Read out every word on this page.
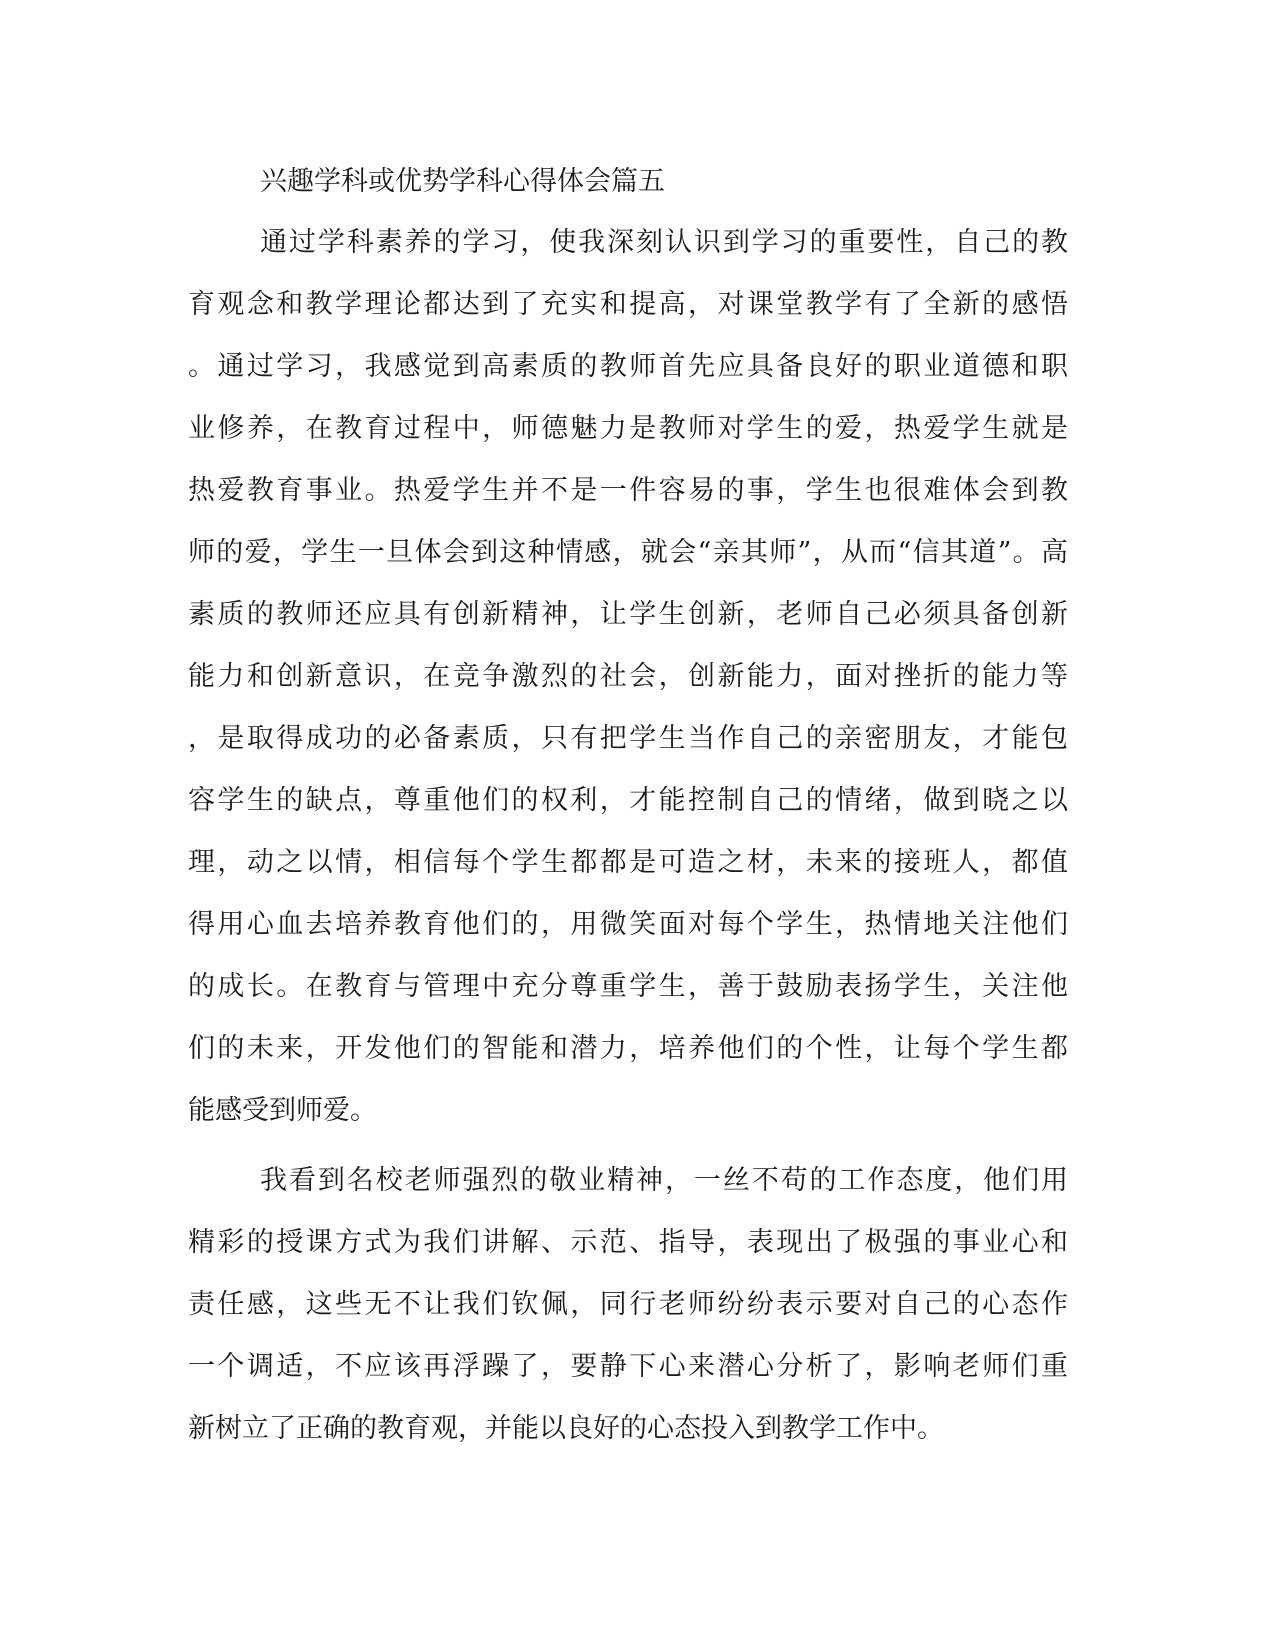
兴趣学科或优势学科心得体会篇五
通过学科素养的学习，使我深刻认识到学习的重要性，自己的教
育观念和教学理论都达到了充实和提高，对课堂教学有了全新的感悟
。通过学习，我感觉到高素质的教师首先应具备良好的职业道德和职
业修养，在教育过程中，师德魅力是教师对学生的爱，热爱学生就是
热爱教育事业。热爱学生并不是一件容易的事，学生也很难体会到教
师的爱，学生一旦体会到这种情感，就会“亲其师”，从而“信其道”。高
素质的教师还应具有创新精神，让学生创新，老师自己必须具备创新
能力和创新意识，在竞争激烈的社会，创新能力，面对挫折的能力等
，是取得成功的必备素质，只有把学生当作自己的亲密朋友，才能包
容学生的缺点，尊重他们的权利，才能控制自己的情绪，做到晓之以
理，动之以情，相信每个学生都都是可造之材，未来的接班人，都值
得用心血去培养教育他们的，用微笑面对每个学生，热情地关注他们
的成长。在教育与管理中充分尊重学生，善于鼓励表扬学生，关注他
们的未来，开发他们的智能和潜力，培养他们的个性，让每个学生都
能感受到师爱。
我看到名校老师强烈的敬业精神，一丝不苟的工作态度，他们用
精彩的授课方式为我们讲解、示范、指导，表现出了极强的事业心和
责任感，这些无不让我们钦佩，同行老师纷纷表示要对自己的心态作
一个调适，不应该再浮躁了，要静下心来潜心分析了，影响老师们重
新树立了正确的教育观，并能以良好的心态投入到教学工作中。
